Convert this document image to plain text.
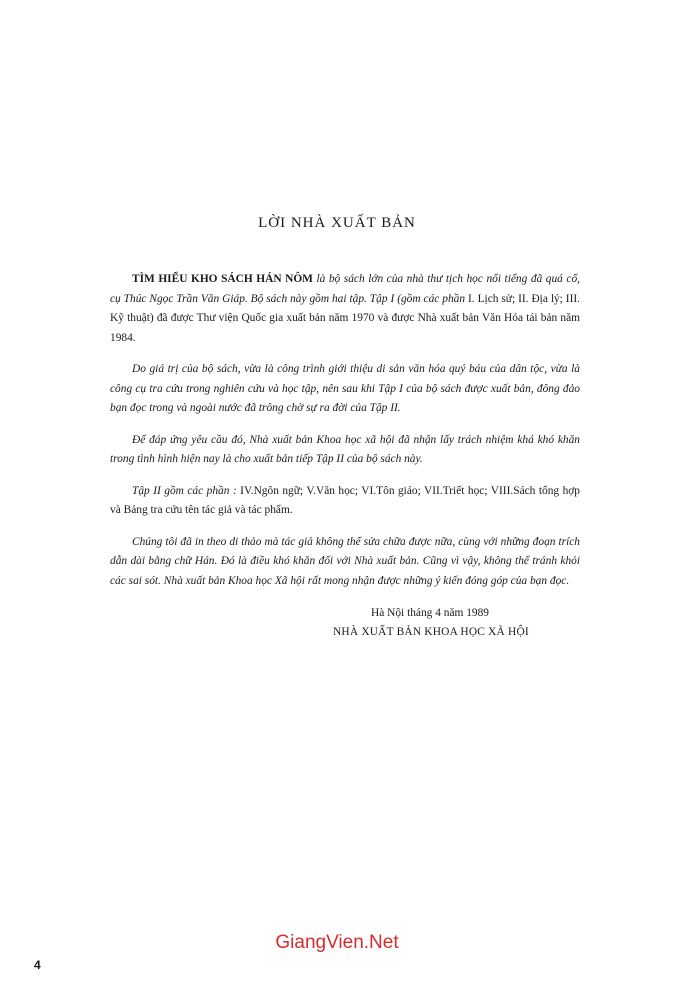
LỜI NHÀ XUẤT BẢN

TÌM HIỂU KHO SÁCH HÁN NÔM là bộ sách lớn của nhà thư tịch học nổi tiếng đã quá cố, cụ Thúc Ngọc Trần Văn Giáp. Bộ sách này gồm hai tập. Tập I (gồm các phần I. Lịch sử; II. Địa lý; III. Kỹ thuật) đã được Thư viện Quốc gia xuất bản năm 1970 và được Nhà xuất bản Văn Hóa tái bản năm 1984.

Do giá trị của bộ sách, vừa là công trình giới thiệu di sản văn hóa quý báu của dân tộc, vừa là công cụ tra cứu trong nghiên cứu và học tập, nên sau khi Tập I của bộ sách được xuất bản, đông đảo bạn đọc trong và ngoài nước đã trông chờ sự ra đời của Tập II.

Để đáp ứng yêu cầu đó, Nhà xuất bản Khoa học xã hội đã nhận lấy trách nhiệm khá khó khăn trong tình hình hiện nay là cho xuất bản tiếp Tập II của bộ sách này.

Tập II gồm các phần : IV.Ngôn ngữ; V.Văn học; VI.Tôn giáo; VII.Triết học; VIII.Sách tổng hợp và Bảng tra cứu tên tác giả và tác phẩm.

Chúng tôi đã in theo di thảo mà tác giả không thể sửa chữa được nữa, cùng với những đoạn trích dẫn dài bằng chữ Hán. Đó là điều khó khăn đối với Nhà xuất bản. Cũng vì vậy, không thể tránh khỏi các sai sót. Nhà xuất bản Khoa học Xã hội rất mong nhận được những ý kiến đóng góp của bạn đọc.

Hà Nội tháng 4 năm 1989
NHÀ XUẤT BẢN KHOA HỌC XÃ HỘI
GiangVien.Net
4
